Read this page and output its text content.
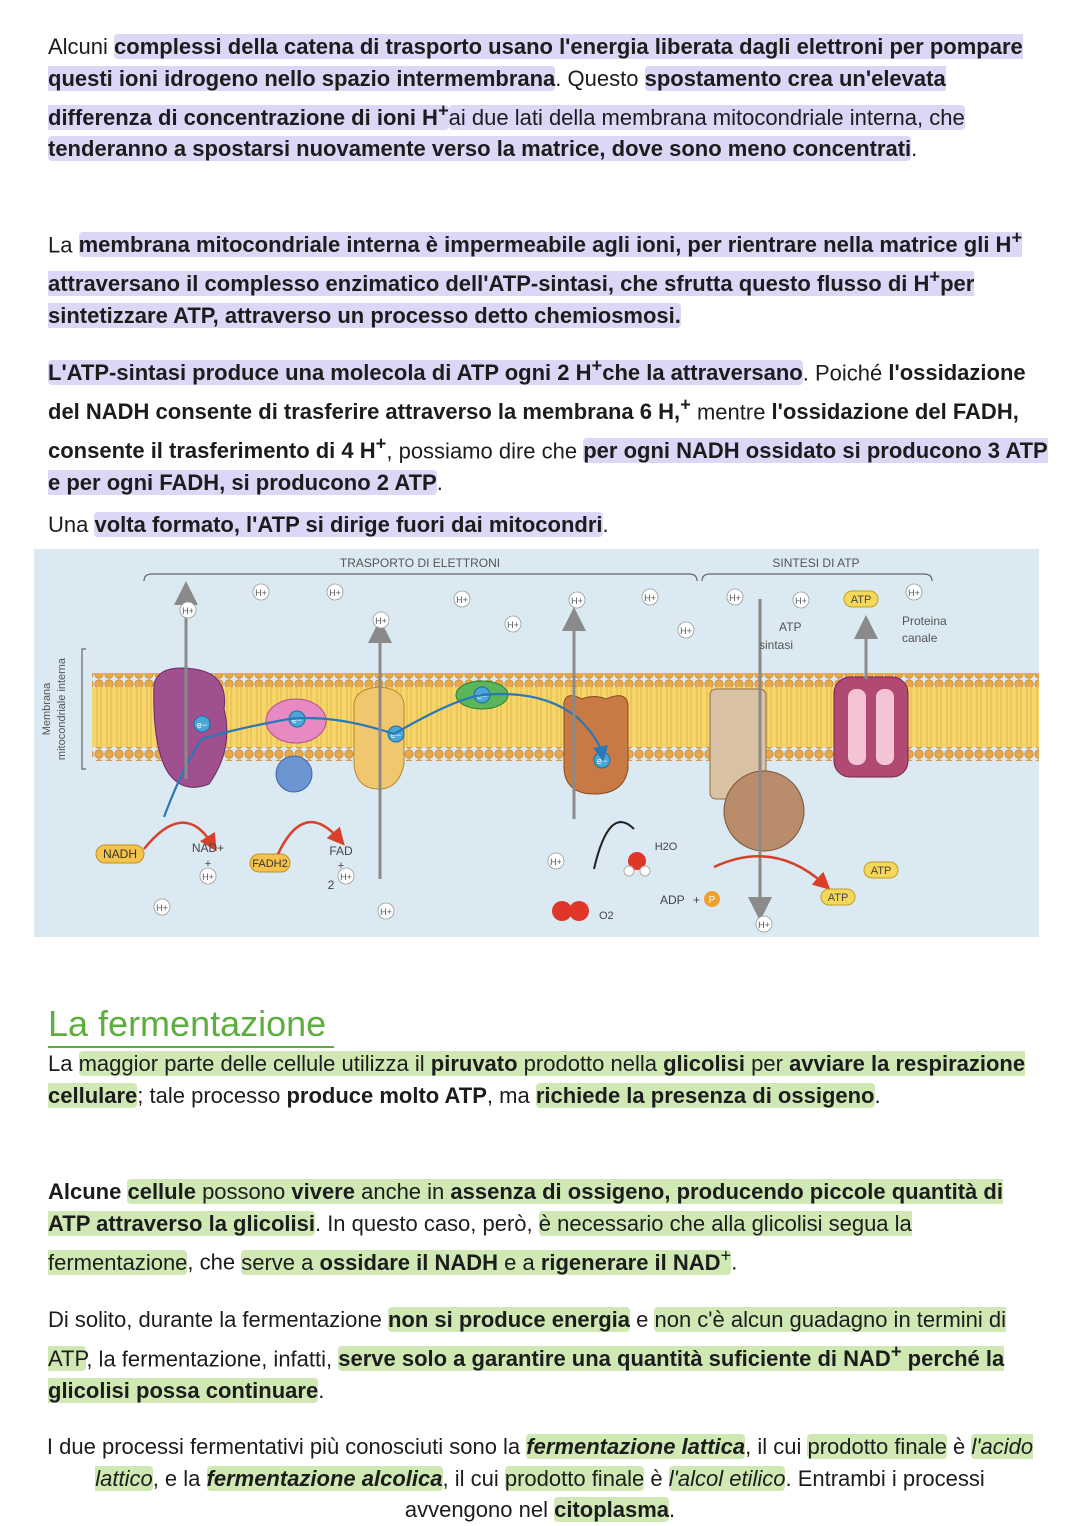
Alcuni complessi della catena di trasporto usano l'energia liberata dagli elettroni per pompare questi ioni idrogeno nello spazio intermembrana. Questo spostamento crea un'elevata differenza di concentrazione di ioni H+ai due lati della membrana mitocondriale interna, che tenderanno a spostarsi nuovamente verso la matrice, dove sono meno concentrati.
La membrana mitocondriale interna è impermeabile agli ioni, per rientrare nella matrice gli H+ attraversano il complesso enzimatico dell'ATP-sintasi, che sfrutta questo flusso di H+per sintetizzare ATP, attraverso un processo detto chemiosmosi.
L'ATP-sintasi produce una molecola di ATP ogni 2 H+che la attraversano. Poiché l'ossidazione del NADH consente di trasferire attraverso la membrana 6 H,+ mentre l'ossidazione del FADH, consente il trasferimento di 4 H+, possiamo dire che per ogni NADH ossidato si producono 3 ATP e per ogni FADH, si producono 2 ATP.
Una volta formato, l'ATP si dirige fuori dai mitocondri.
TRASPORTO DI ELETTRONI	SINTESI DI ATP
Membrana mitocondriale interna	e−	e−
e−
e−
e−
ATP
sintasi
Proteina
canale
H+
H+	H+
H+
H+
H+
H+	H+
H+
H+	H+
H+
H+
H+	H+
H+
H+
H+
NADH	NAD+
+	FADH2
FAD
+
2
O2
H2O
ADP + P	ATP
ATP
ATP
La fermentazione
La maggior parte delle cellule utilizza il piruvato prodotto nella glicolisi per avviare la respirazione cellulare; tale processo produce molto ATP, ma richiede la presenza di ossigeno.
Alcune cellule possono vivere anche in assenza di ossigeno, producendo piccole quantità di ATP attraverso la glicolisi. In questo caso, però, è necessario che alla glicolisi segua la fermentazione, che serve a ossidare il NADH e a rigenerare il NAD+.
Di solito, durante la fermentazione non si produce energia e non c'è alcun guadagno in termini di ATP, la fermentazione, infatti, serve solo a garantire una quantità suficiente di NAD+ perché la glicolisi possa continuare.
I due processi fermentativi più conosciuti sono la fermentazione lattica, il cui prodotto finale è l'acido lattico, e la fermentazione alcolica, il cui prodotto finale è l'alcol etilico. Entrambi i processi avvengono nel citoplasma.
